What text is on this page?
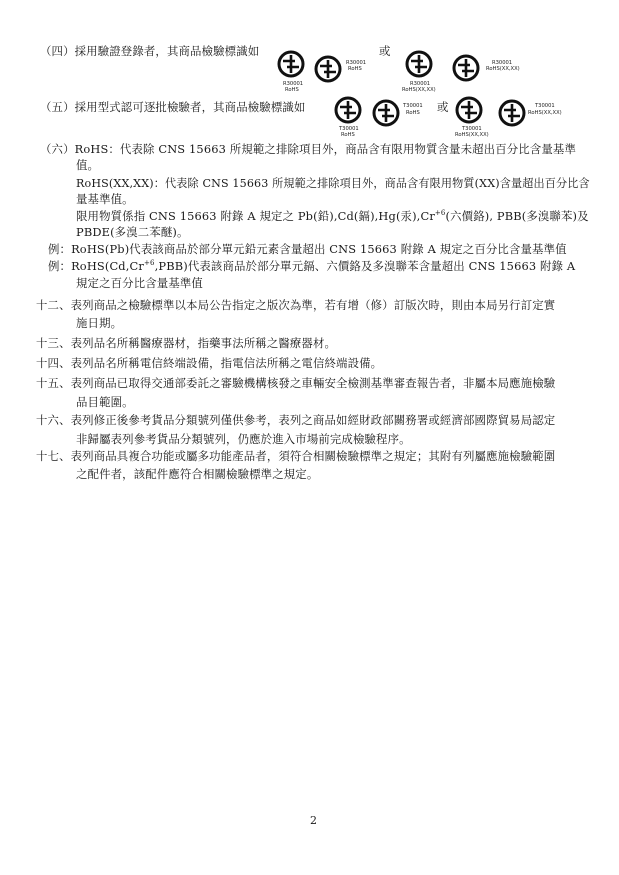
（四）採用驗證登錄者，其商品檢驗標識如
R30001
RoHS
R30001
RoHS
或
R30001
RoHS(XX,XX)
R30001
RoHS(XX,XX)
（五）採用型式認可逐批檢驗者，其商品檢驗標識如
T30001
RoHS
T30001
RoHS 或
T30001
RoHS(XX,XX)
T30001
RoHS(XX,XX)
（六）RoHS：代表除 CNS 15663 所規範之排除項目外，商品含有限用物質含量未超出百分比含量基準
值。
RoHS(XX,XX)：代表除 CNS 15663 所規範之排除項目外，商品含有限用物質(XX)含量超出百分比含
量基準值。
限用物質係指 CNS 15663 附錄 A 規定之 Pb(鉛),Cd(鎘),Hg(汞)$,Cr^{+6}$(六價鉻), PBB(多溴聯苯)及
PBDE(多溴二苯醚)。
例：RoHS(Pb)代表該商品於部分單元鉛元素含量超出 CNS 15663 附錄 A 規定之百分比含量基準值
例：$RoHS(Cd,Cr^{+6},PBB)$代表該商品於部分單元鎘、六價鉻及多溴聯苯含量超出 CNS 15663 附錄 A
規定之百分比含量基準值
十二、表列商品之檢驗標準以本局公告指定之版次為準，若有增（修）訂版次時，則由本局另行訂定實
施日期。
十三、表列品名所稱醫療器材，指藥事法所稱之醫療器材。
十四、表列品名所稱電信終端設備，指電信法所稱之電信終端設備。
十五、表列商品已取得交通部委託之審驗機構核發之車輛安全檢測基準審查報告者，非屬本局應施檢驗
品目範圍。
十六、表列修正後參考貨品分類號列僅供參考，表列之商品如經財政部關務署或經濟部國際貿易局認定
非歸屬表列參考貨品分類號列，仍應於進入市場前完成檢驗程序。
十七、表列商品具複合功能或屬多功能產品者，須符合相關檢驗標準之規定；其附有列屬應施檢驗範圍
之配件者，該配件應符合相關檢驗標準之規定。
2
